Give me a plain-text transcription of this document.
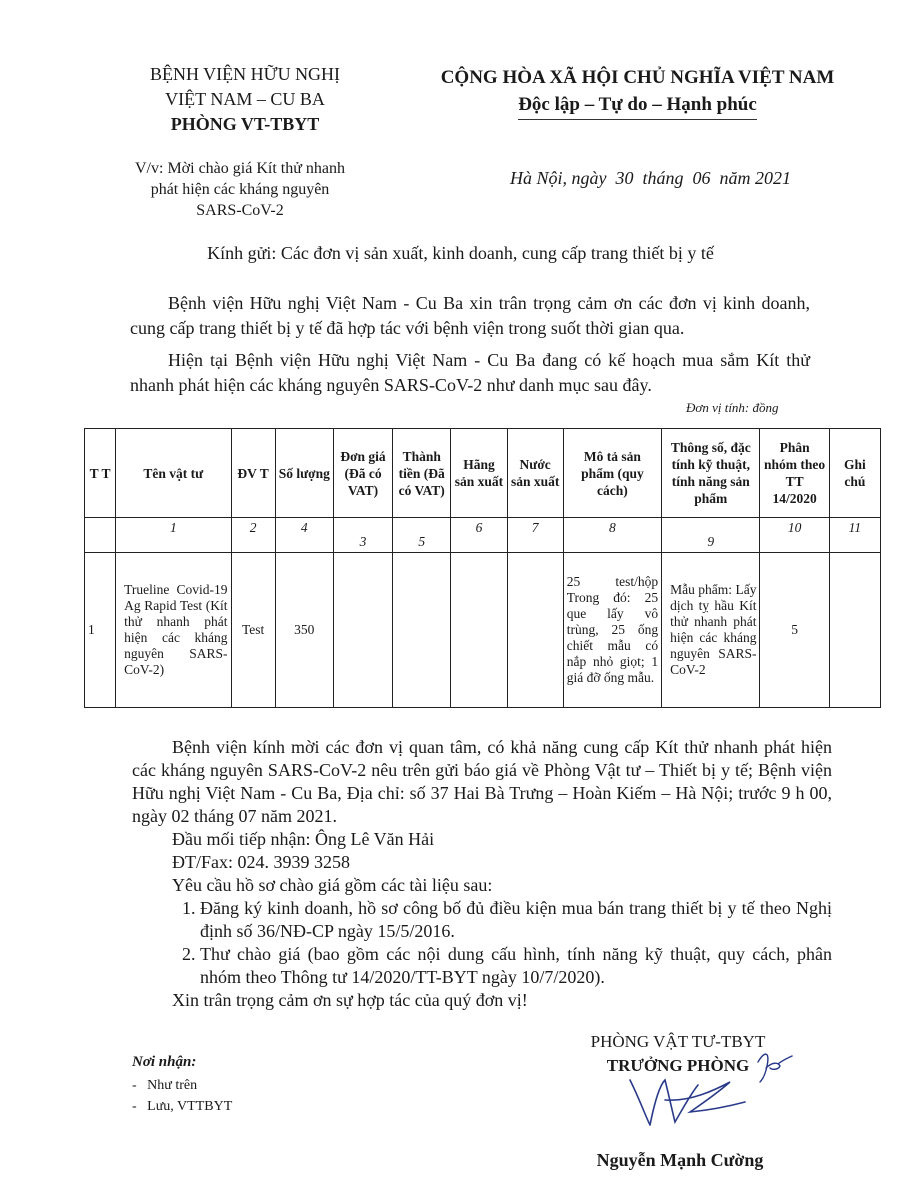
BỆNH VIỆN HỮU NGHỊ
VIỆT NAM – CU BA
PHÒNG VT-TBYT
CỘNG HÒA XÃ HỘI CHỦ NGHĨA VIỆT NAM
Độc lập – Tự do – Hạnh phúc
V/v: Mời chào giá Kít thử nhanh
phát hiện các kháng nguyên
SARS-CoV-2
Hà Nội, ngày  30  tháng  06  năm 2021
Kính gửi: Các đơn vị sản xuất, kinh doanh, cung cấp trang thiết bị y tế
Bệnh viện Hữu nghị Việt Nam - Cu Ba xin trân trọng cảm ơn các đơn vị kinh doanh, cung cấp trang thiết bị y tế đã hợp tác với bệnh viện trong suốt thời gian qua.
Hiện tại Bệnh viện Hữu nghị Việt Nam - Cu Ba đang có kế hoạch mua sắm Kít thử nhanh phát hiện các kháng nguyên SARS-CoV-2 như danh mục sau đây.
Đơn vị tính: đồng
T T	Tên vật tư	ĐV T	Số lượng	Đơn giá (Đã có VAT)	Thành tiền (Đã có VAT)	Hãng sản xuất	Nước sản xuất	Mô tả sản phẩm (quy cách)	Thông số, đặc tính kỹ thuật, tính năng sản phẩm	Phân nhóm theo TT 14/2020	Ghi chú
	1	2	4	3	5	6	7	8	9	10	11
1	Trueline Covid-19 Ag Rapid Test (Kít thử nhanh phát hiện các kháng nguyên SARS-CoV-2)	Test	350					25 test/hộp Trong đó: 25 que lấy vô trùng, 25 ống chiết mẫu có nắp nhỏ giọt; 1 giá đỡ ống mẫu.	Mẫu phẩm: Lấy dịch tỵ hầu Kít thử nhanh phát hiện các kháng nguyên SARS-CoV-2	5	
Bệnh viện kính mời các đơn vị quan tâm, có khả năng cung cấp Kít thử nhanh phát hiện các kháng nguyên SARS-CoV-2 nêu trên gửi báo giá về Phòng Vật tư – Thiết bị y tế; Bệnh viện Hữu nghị Việt Nam - Cu Ba, Địa chỉ: số 37 Hai Bà Trưng – Hoàn Kiếm – Hà Nội; trước 9 h 00, ngày 02 tháng 07 năm 2021.
Đầu mối tiếp nhận: Ông Lê Văn Hải
ĐT/Fax: 024. 3939 3258
Yêu cầu hồ sơ chào giá gồm các tài liệu sau:
1. Đăng ký kinh doanh, hồ sơ công bố đủ điều kiện mua bán trang thiết bị y tế theo Nghị định số 36/NĐ-CP ngày 15/5/2016.
2. Thư chào giá (bao gồm các nội dung cấu hình, tính năng kỹ thuật, quy cách, phân nhóm theo Thông tư 14/2020/TT-BYT ngày 10/7/2020).
Xin trân trọng cảm ơn sự hợp tác của quý đơn vị!
PHÒNG VẬT TƯ-TBYT
TRƯỞNG PHÒNG
Nguyễn Mạnh Cường
Nơi nhận:
- Như trên
- Lưu, VTTBYT
